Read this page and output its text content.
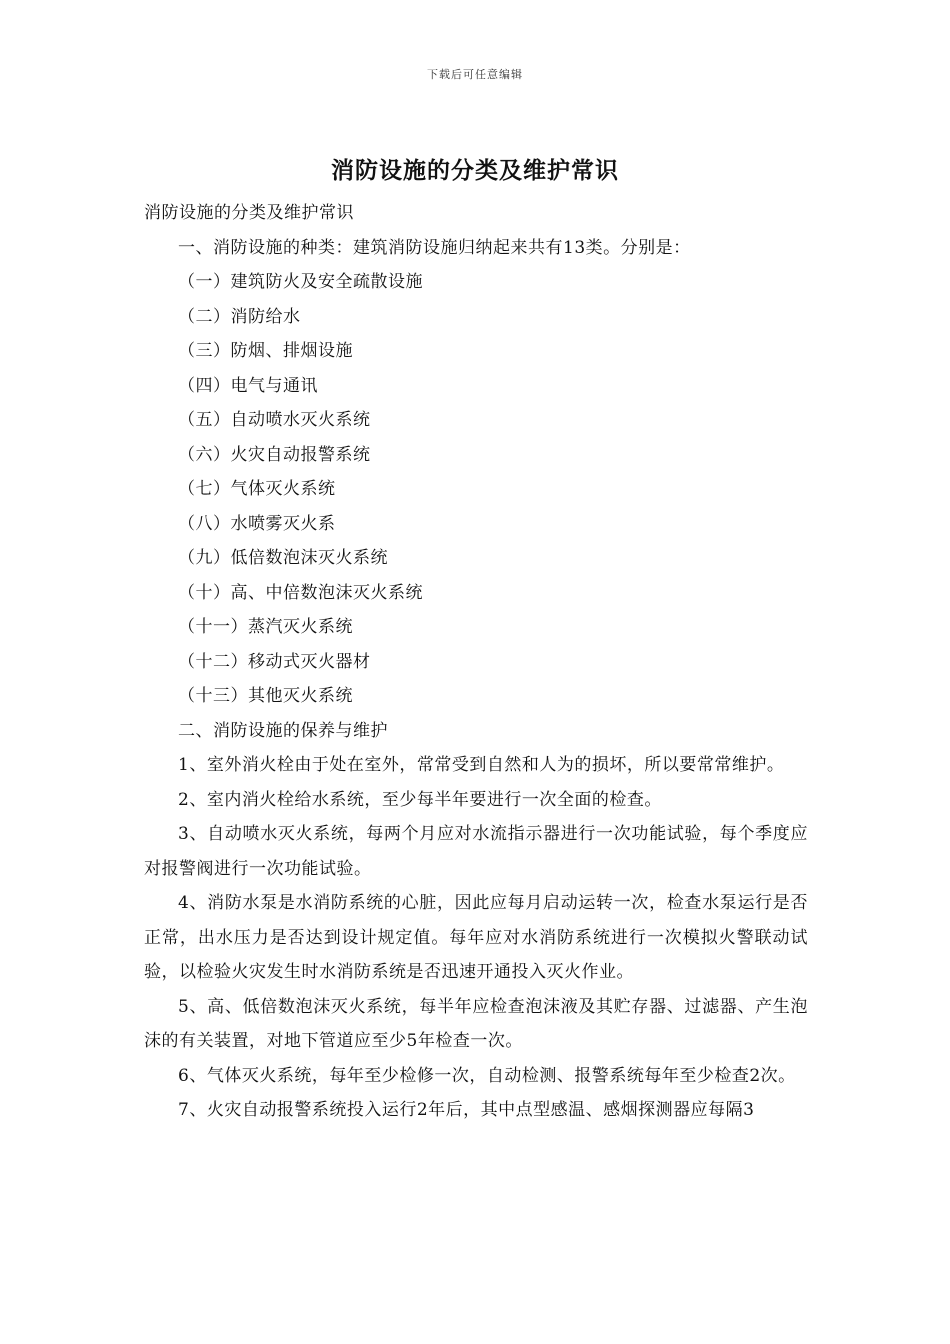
下载后可任意编辑
消防设施的分类及维护常识

消防设施的分类及维护常识

一、消防设施的种类：建筑消防设施归纳起来共有13类。分别是：

（一）建筑防火及安全疏散设施

（二）消防给水

（三）防烟、排烟设施

（四）电气与通讯

（五）自动喷水灭火系统

（六）火灾自动报警系统

（七）气体灭火系统

（八）水喷雾灭火系

（九）低倍数泡沫灭火系统

（十）高、中倍数泡沫灭火系统

（十一）蒸汽灭火系统

（十二）移动式灭火器材

（十三）其他灭火系统

二、消防设施的保养与维护

1、室外消火栓由于处在室外，常常受到自然和人为的损坏，所以要常常维护。

2、室内消火栓给水系统，至少每半年要进行一次全面的检查。

3、自动喷水灭火系统，每两个月应对水流指示器进行一次功能试验，每个季度应对报警阀进行一次功能试验。

4、消防水泵是水消防系统的心脏，因此应每月启动运转一次，检查水泵运行是否正常，出水压力是否达到设计规定值。每年应对水消防系统进行一次模拟火警联动试验，以检验火灾发生时水消防系统是否迅速开通投入灭火作业。

5、高、低倍数泡沫灭火系统，每半年应检查泡沫液及其贮存器、过滤器、产生泡沫的有关装置，对地下管道应至少5年检查一次。

6、气体灭火系统，每年至少检修一次，自动检测、报警系统每年至少检查2次。

7、火灾自动报警系统投入运行2年后，其中点型感温、感烟探测器应每隔3
